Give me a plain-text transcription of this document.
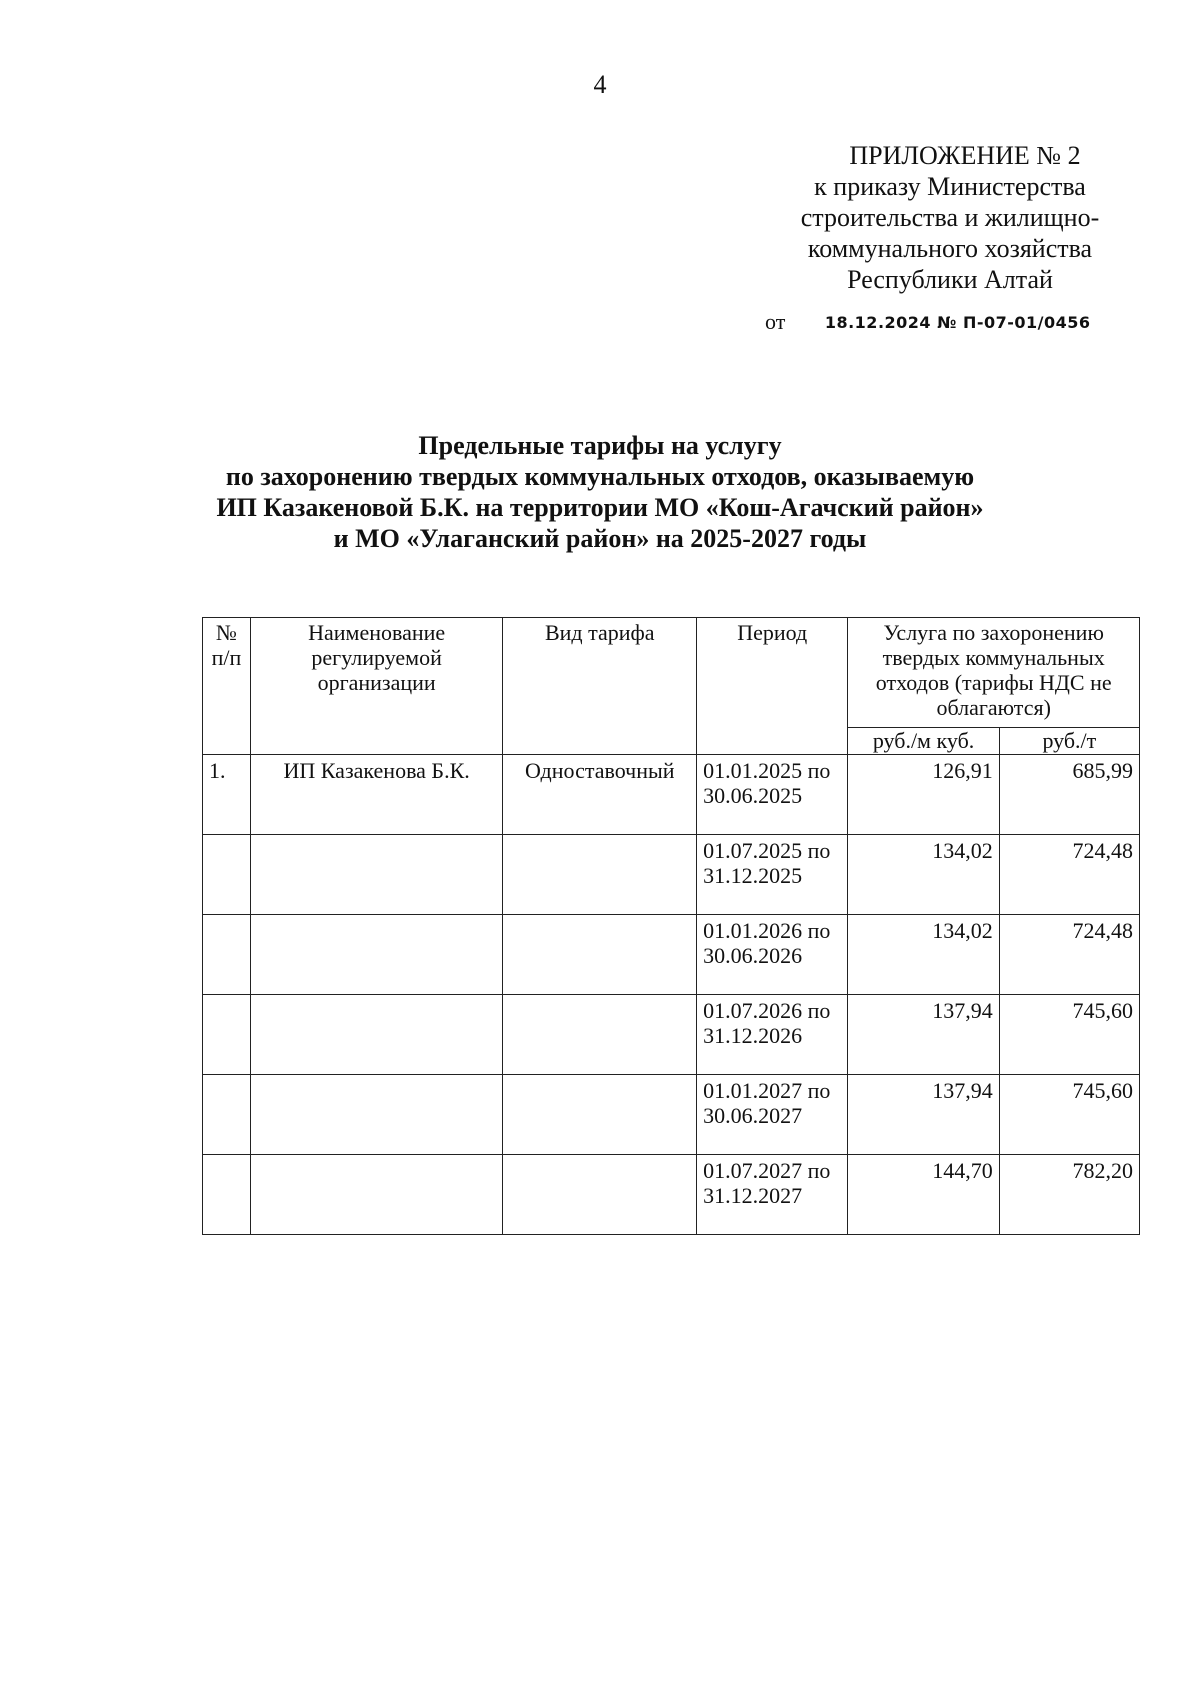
4
ПРИЛОЖЕНИЕ № 2
к приказу Министерства
строительства и жилищно-
коммунального хозяйства
Республики Алтай
от 18.12.2024 № П-07-01/0456
Предельные тарифы на услугу
по захоронению твердых коммунальных отходов, оказываемую
ИП Казакеновой Б.К. на территории МО «Кош-Агачский район»
и МО «Улаганский район» на 2025-2027 годы
№ п/п	Наименование регулируемой организации	Вид тарифа	Период	Услуга по захоронению твердых коммунальных отходов (тарифы НДС не облагаются)	
				руб./м куб.	руб./т
1.	ИП Казакенова Б.К.	Одноставочный	01.01.2025 по 30.06.2025	126,91	685,99
			01.07.2025 по 31.12.2025	134,02	724,48
			01.01.2026 по 30.06.2026	134,02	724,48
			01.07.2026 по 31.12.2026	137,94	745,60
			01.01.2027 по 30.06.2027	137,94	745,60
			01.07.2027 по 31.12.2027	144,70	782,20
